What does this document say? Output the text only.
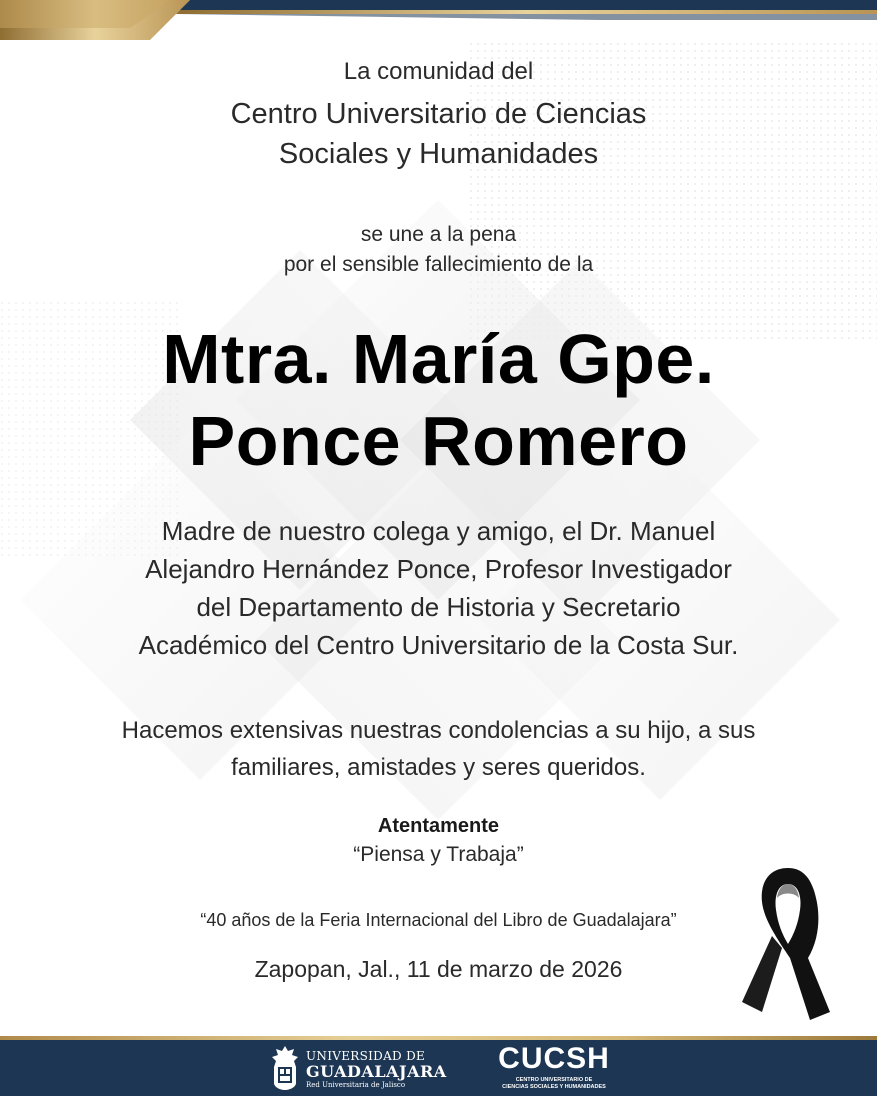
La comunidad del

Centro Universitario de Ciencias
Sociales y Humanidades
se une a la pena
por el sensible fallecimiento de la
Mtra. María Gpe.
Ponce Romero
Madre de nuestro colega y amigo, el Dr. Manuel
Alejandro Hernández Ponce, Profesor Investigador
del Departamento de Historia y Secretario
Académico del Centro Universitario de la Costa Sur.
Hacemos extensivas nuestras condolencias a su hijo, a sus
familiares, amistades y seres queridos.

Atentamente

“Piensa y Trabaja”

“40 años de la Feria Internacional del Libro de Guadalajara”

Zapopan, Jal., 11 de marzo de 2026

UNIVERSIDAD DE
GUADALAJARA
Red Universitaria de Jalisco
CUCSH
CENTRO UNIVERSITARIO DE
CIENCIAS SOCIALES Y HUMANIDADES
